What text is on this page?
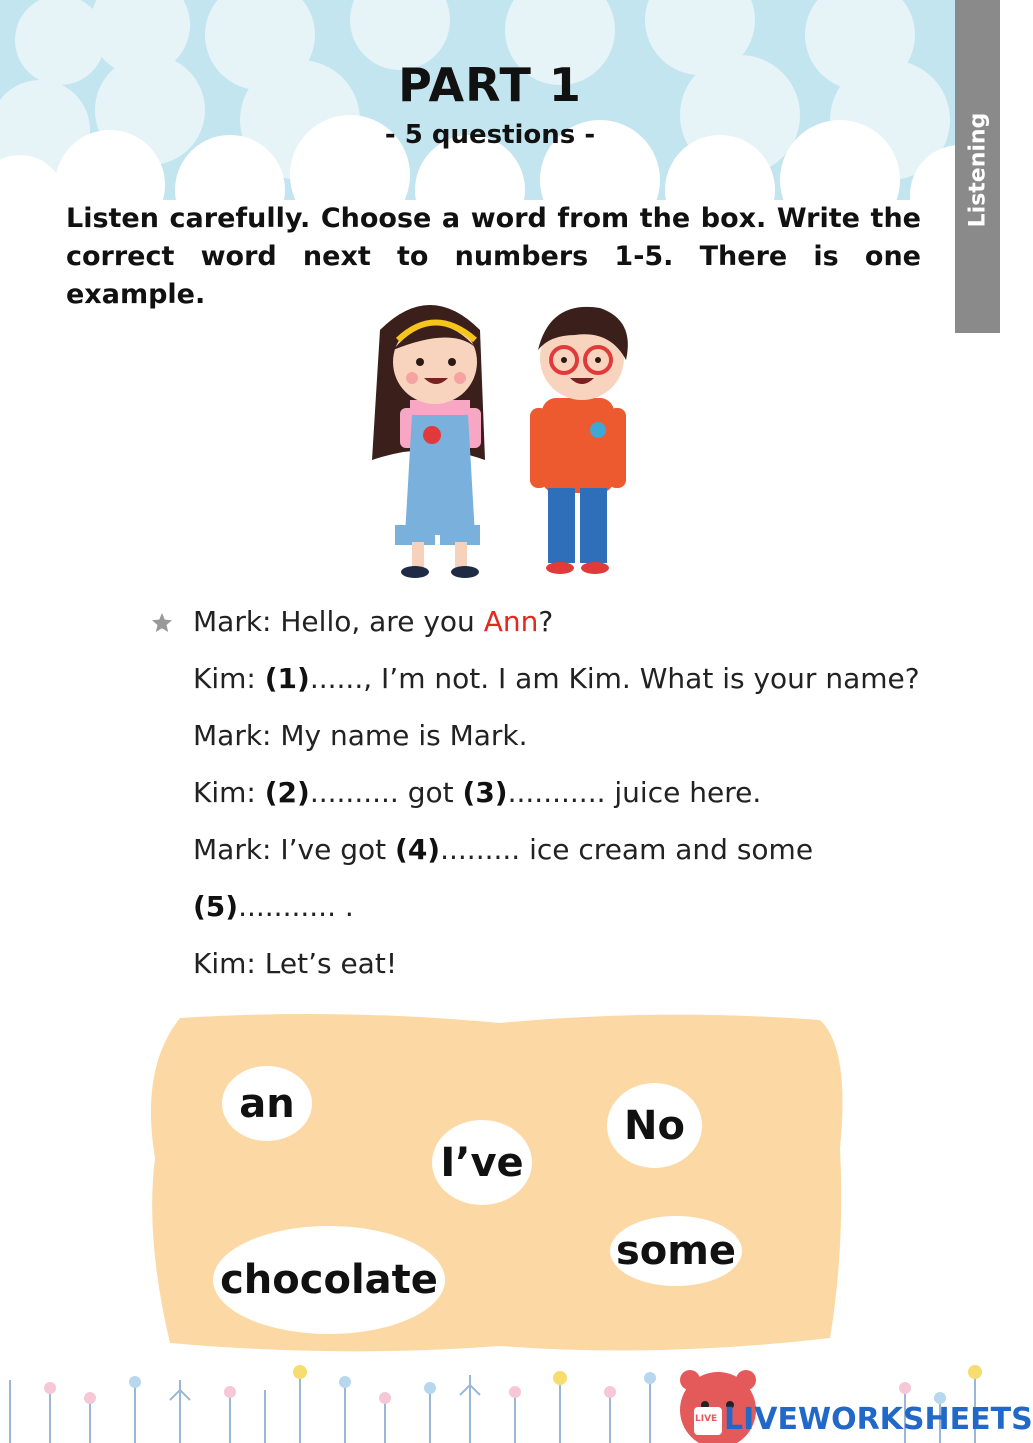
Listening
PART 1
- 5 questions -

Listen carefully. Choose a word from the box. Write the correct word next to numbers 1-5. There is one example.

Mark: Hello, are you Ann?
Kim: (1)......, I’m not. I am Kim. What is your name?
Mark: My name is Mark.
Kim: (2).......... got (3)........... juice here.
Mark: I’ve got (4)......... ice cream and some
(5)........... .
Kim: Let’s eat!
an
I’ve
No
chocolate
some
LIVE LIVEWORKSHEETS
